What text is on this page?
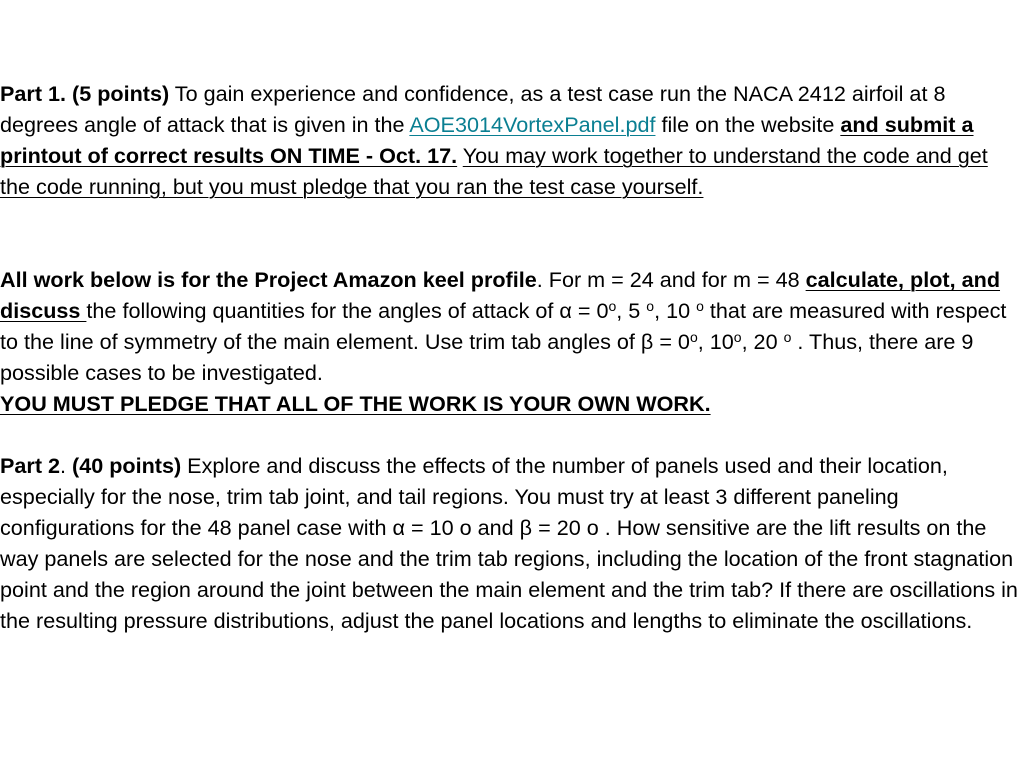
Part 1. (5 points) To gain experience and confidence, as a test case run the NACA 2412 airfoil at 8 degrees angle of attack that is given in the AOE3014VortexPanel.pdf file on the website and submit a printout of correct results ON TIME - Oct. 17. You may work together to understand the code and get the code running, but you must pledge that you ran the test case yourself.

All work below is for the Project Amazon keel profile. For m = 24 and for m = 48 calculate, plot, and discuss the following quantities for the angles of attack of $\alpha = 0^o$, 5 $^o$, 10 $^o$ that are measured with respect to the line of symmetry of the main element. Use trim tab angles of $\beta = 0^o$, 10$^o$, 20 $^o$ . Thus, there are 9 possible cases to be investigated.
YOU MUST PLEDGE THAT ALL OF THE WORK IS YOUR OWN WORK.

Part 2. (40 points) Explore and discuss the effects of the number of panels used and their location, especially for the nose, trim tab joint, and tail regions. You must try at least 3 different paneling configurations for the 48 panel case with α = 10 o and β = 20 o . How sensitive are the lift results on the way panels are selected for the nose and the trim tab regions, including the location of the front stagnation point and the region around the joint between the main element and the trim tab? If there are oscillations in the resulting pressure distributions, adjust the panel locations and lengths to eliminate the oscillations.
